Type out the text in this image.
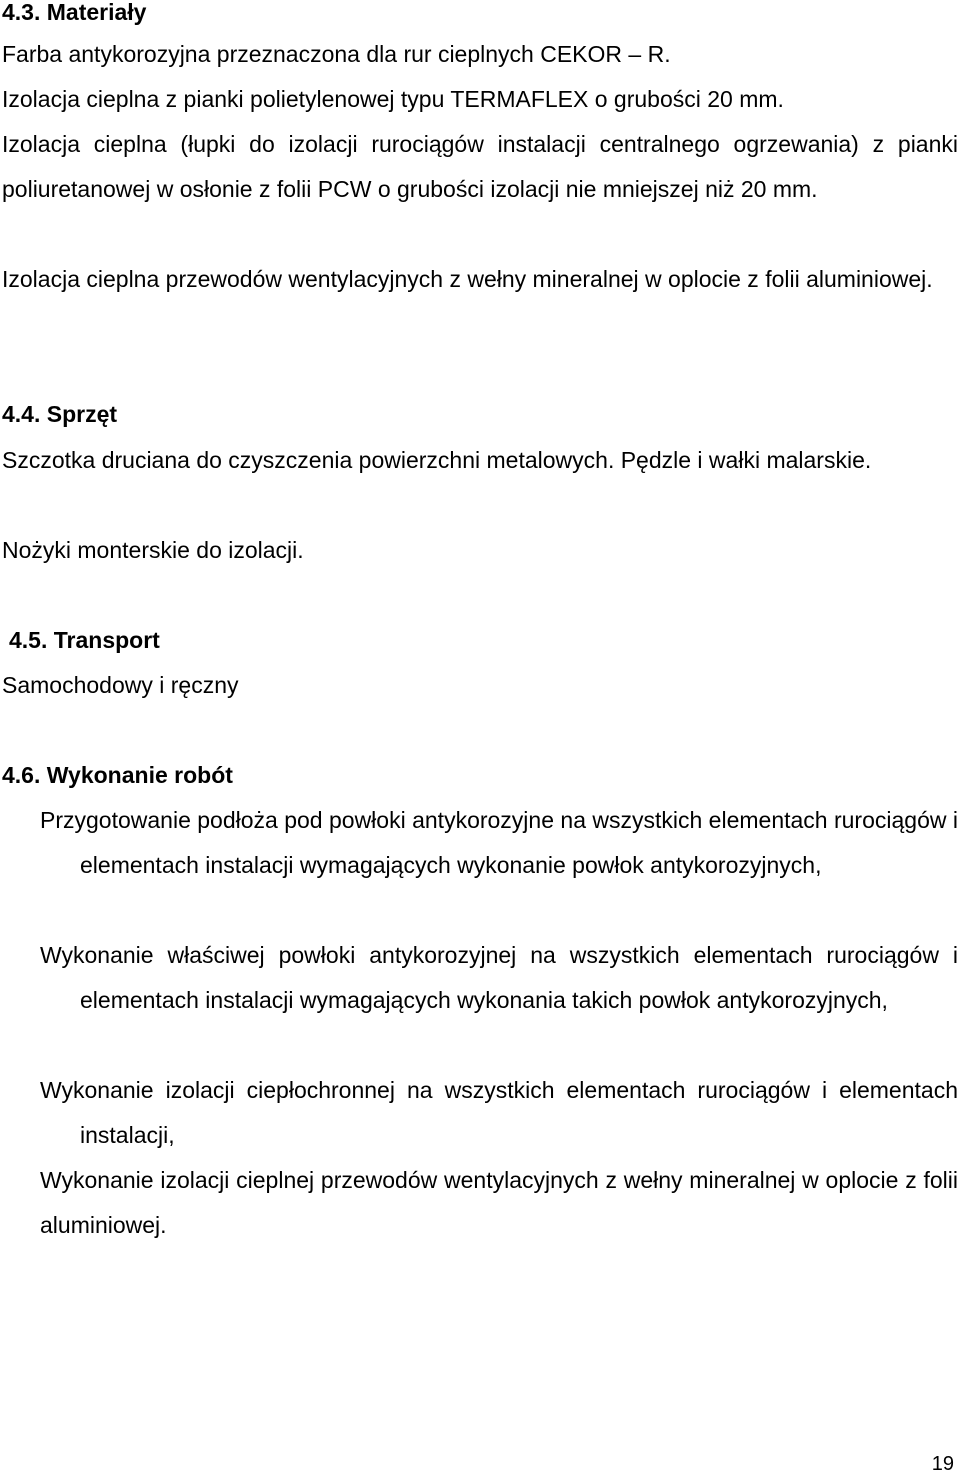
4.3. Materiały

Farba antykorozyjna przeznaczona dla rur cieplnych CEKOR – R.

Izolacja cieplna z pianki polietylenowej typu TERMAFLEX o grubości 20 mm.

Izolacja cieplna (łupki do izolacji rurociągów instalacji centralnego ogrzewania) z pianki poliuretanowej w osłonie z folii PCW o grubości izolacji nie mniejszej niż 20 mm.

Izolacja cieplna przewodów wentylacyjnych z wełny mineralnej w oplocie z folii aluminiowej.

4.4. Sprzęt

Szczotka druciana do czyszczenia powierzchni metalowych. Pędzle i wałki malarskie.

Nożyki monterskie do izolacji.

4.5. Transport

Samochodowy i ręczny

4.6. Wykonanie robót

Przygotowanie podłoża pod powłoki antykorozyjne na wszystkich elementach rurociągów i elementach instalacji wymagających wykonanie powłok antykorozyjnych,

Wykonanie właściwej powłoki antykorozyjnej na wszystkich elementach rurociągów i elementach instalacji wymagających wykonania takich powłok antykorozyjnych,

Wykonanie izolacji ciepłochronnej na wszystkich elementach rurociągów i elementach instalacji,

Wykonanie izolacji cieplnej przewodów wentylacyjnych z wełny mineralnej w oplocie z folii aluminiowej.

19
